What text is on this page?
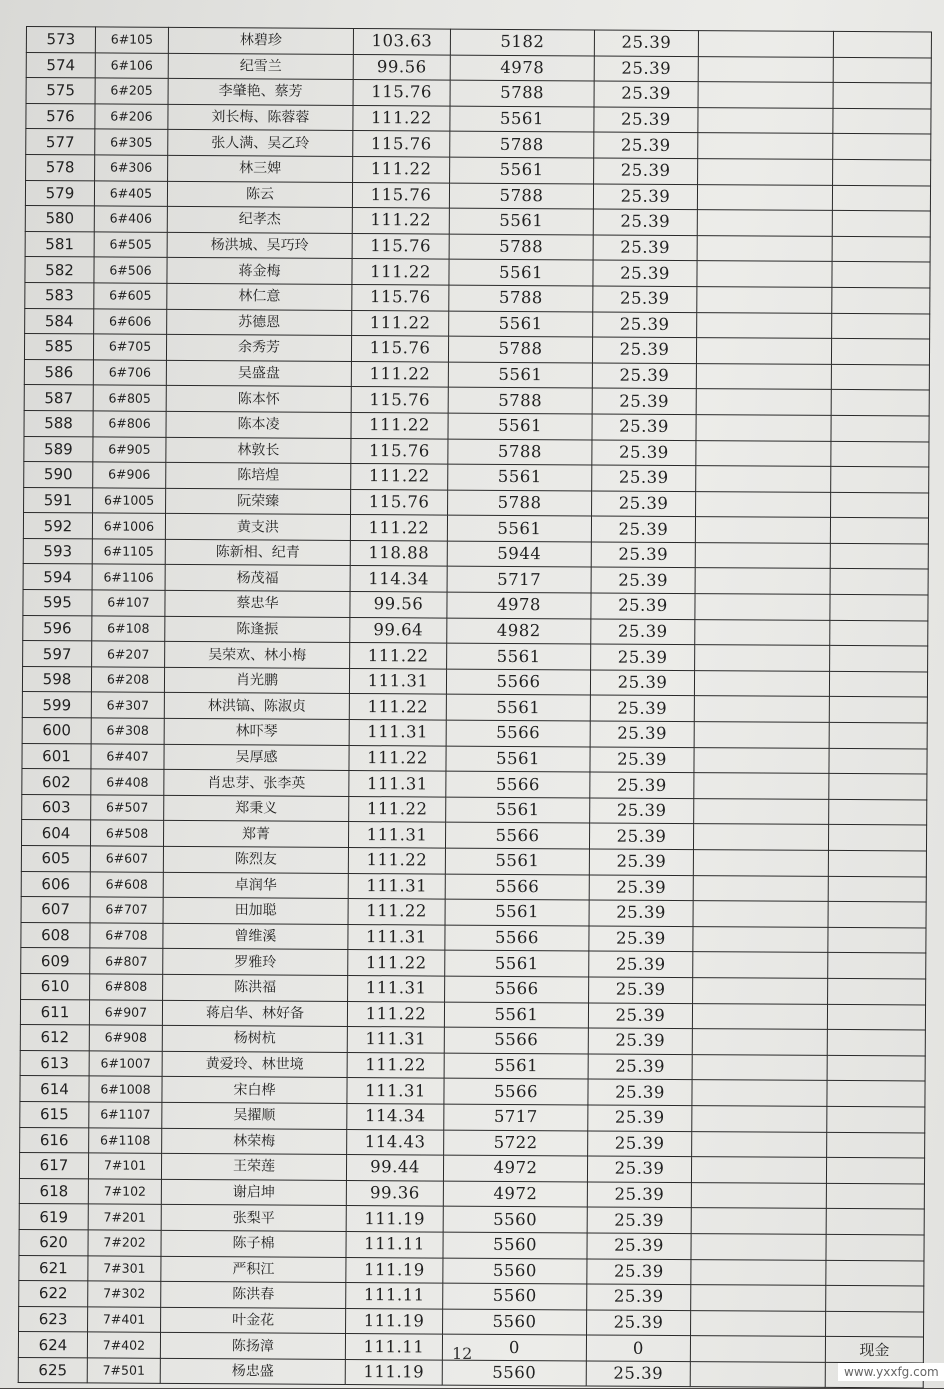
573	6#105	林碧珍	103.63	5182	25.39		
574	6#106	纪雪兰	99.56	4978	25.39		
575	6#205	李肇艳、蔡芳	115.76	5788	25.39		
576	6#206	刘长梅、陈蓉蓉	111.22	5561	25.39		
577	6#305	张人满、吴乙玲	115.76	5788	25.39		
578	6#306	林三婢	111.22	5561	25.39		
579	6#405	陈云	115.76	5788	25.39		
580	6#406	纪孝杰	111.22	5561	25.39		
581	6#505	杨洪城、吴巧玲	115.76	5788	25.39		
582	6#506	蒋金梅	111.22	5561	25.39		
583	6#605	林仁意	115.76	5788	25.39		
584	6#606	苏德恩	111.22	5561	25.39		
585	6#705	余秀芳	115.76	5788	25.39		
586	6#706	吴盛盘	111.22	5561	25.39		
587	6#805	陈本怀	115.76	5788	25.39		
588	6#806	陈本凌	111.22	5561	25.39		
589	6#905	林敦长	115.76	5788	25.39		
590	6#906	陈培煌	111.22	5561	25.39		
591	6#1005	阮荣臻	115.76	5788	25.39		
592	6#1006	黄支洪	111.22	5561	25.39		
593	6#1105	陈新相、纪青	118.88	5944	25.39		
594	6#1106	杨茂福	114.34	5717	25.39		
595	6#107	蔡忠华	99.56	4978	25.39		
596	6#108	陈逢振	99.64	4982	25.39		
597	6#207	吴荣欢、林小梅	111.22	5561	25.39		
598	6#208	肖光鹏	111.31	5566	25.39		
599	6#307	林洪镐、陈淑贞	111.22	5561	25.39		
600	6#308	林吓琴	111.31	5566	25.39		
601	6#407	吴厚感	111.22	5561	25.39		
602	6#408	肖忠芽、张李英	111.31	5566	25.39		
603	6#507	郑秉义	111.22	5561	25.39		
604	6#508	郑菁	111.31	5566	25.39		
605	6#607	陈烈友	111.22	5561	25.39		
606	6#608	卓润华	111.31	5566	25.39		
607	6#707	田加聪	111.22	5561	25.39		
608	6#708	曾维溪	111.31	5566	25.39		
609	6#807	罗雅玲	111.22	5561	25.39		
610	6#808	陈洪福	111.31	5566	25.39		
611	6#907	蒋启华、林好备	111.22	5561	25.39		
612	6#908	杨树杭	111.31	5566	25.39		
613	6#1007	黄爱玲、林世境	111.22	5561	25.39		
614	6#1008	宋白桦	111.31	5566	25.39		
615	6#1107	吴擢顺	114.34	5717	25.39		
616	6#1108	林荣梅	114.43	5722	25.39		
617	7#101	王荣莲	99.44	4972	25.39		
618	7#102	谢启坤	99.36	4972	25.39		
619	7#201	张梨平	111.19	5560	25.39		
620	7#202	陈子棉	111.11	5560	25.39		
621	7#301	严积江	111.19	5560	25.39		
622	7#302	陈洪春	111.11	5560	25.39		
623	7#401	叶金花	111.19	5560	25.39		
624	7#402	陈扬漳	111.11	0	0		现金
625	7#501	杨忠盛	111.19	5560	25.39		
12
www.yxxfg.com
